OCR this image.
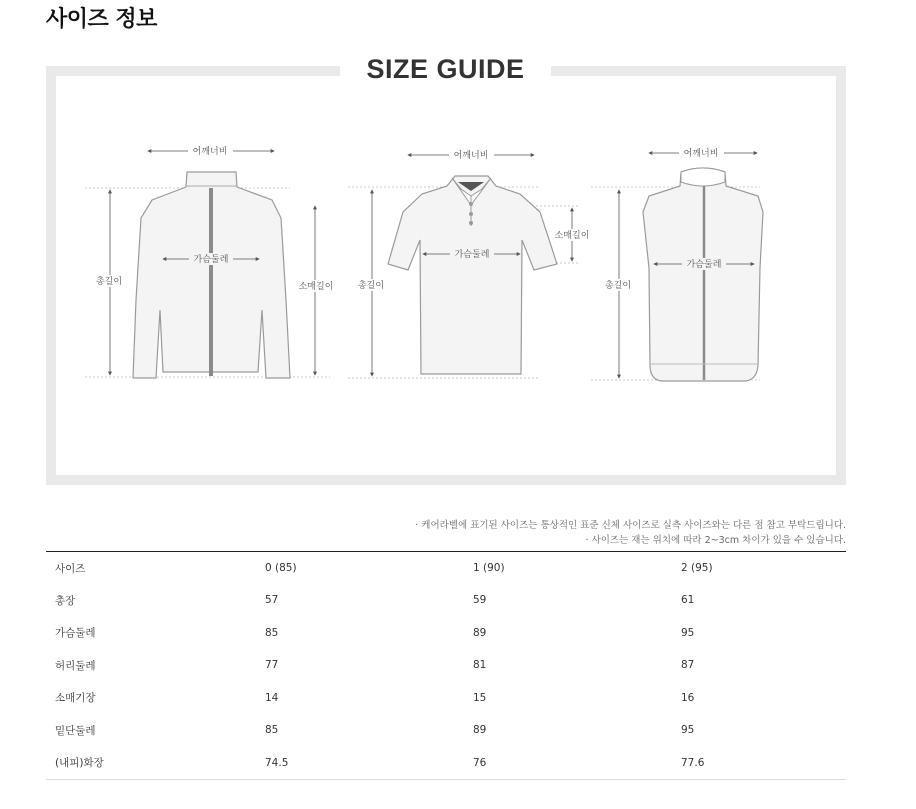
사이즈 정보
SIZE GUIDE
어깨너비
가슴둘레
총길이	소매길이
어깨너비
가슴둘레
총길이
소매길이
어깨너비
가슴둘레
총길이
· 케어라벨에 표기된 사이즈는 통상적인 표준 신체 사이즈로 실측 사이즈와는 다른 점 참고 부탁드립니다.
· 사이즈는 재는 위치에 따라 2~3cm 차이가 있을 수 있습니다.
사이즈	0 (85)	1 (90)	2 (95)
총장	57	59	61
가슴둘레	85	89	95
허리둘레	77	81	87
소매기장	14	15	16
밑단둘레	85	89	95
(내피)화장	74.5	76	77.6
